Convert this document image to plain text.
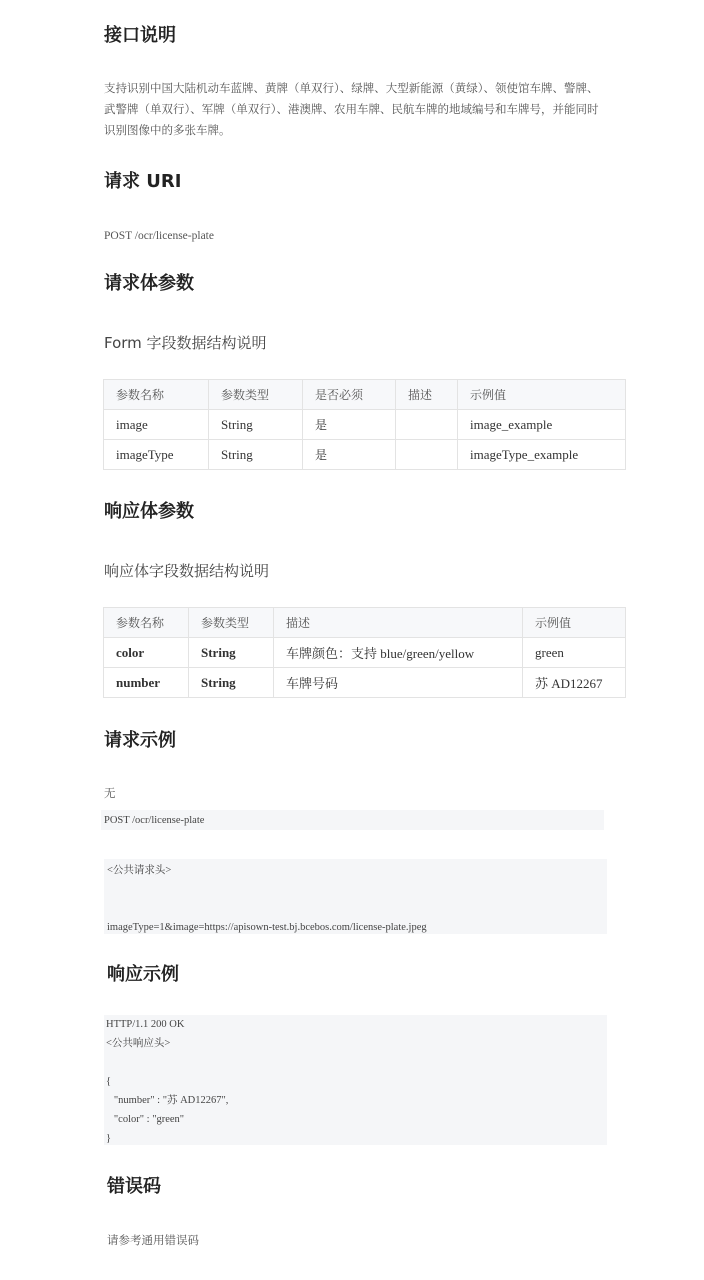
接口说明

支持识别中国大陆机动车蓝牌、黄牌（单双行）、绿牌、大型新能源（黄绿）、领使馆车牌、警牌、武警牌（单双行）、军牌（单双行）、港澳牌、农用车牌、民航车牌的地域编号和车牌号，并能同时识别图像中的多张车牌。

请求 URI

POST /ocr/license-plate

请求体参数

Form 字段数据结构说明

参数名称	参数类型	是否必须	描述	示例值
image	String	是		image_example
imageType	String	是		imageType_example
响应体参数

响应体字段数据结构说明

参数名称	参数类型	描述	示例值
color	String	车牌颜色：支持 blue/green/yellow	green
number	String	车牌号码	苏 AD12267
请求示例

无

POST /ocr/license-plate
<公共请求头>

imageType=1&image=https://apisown-test.bj.bcebos.com/license-plate.jpeg
响应示例
HTTP/1.1 200 OK
<公共响应头>

{
"number" : "苏 AD12267",
"color" : "green"
}
错误码

请参考通用错误码
